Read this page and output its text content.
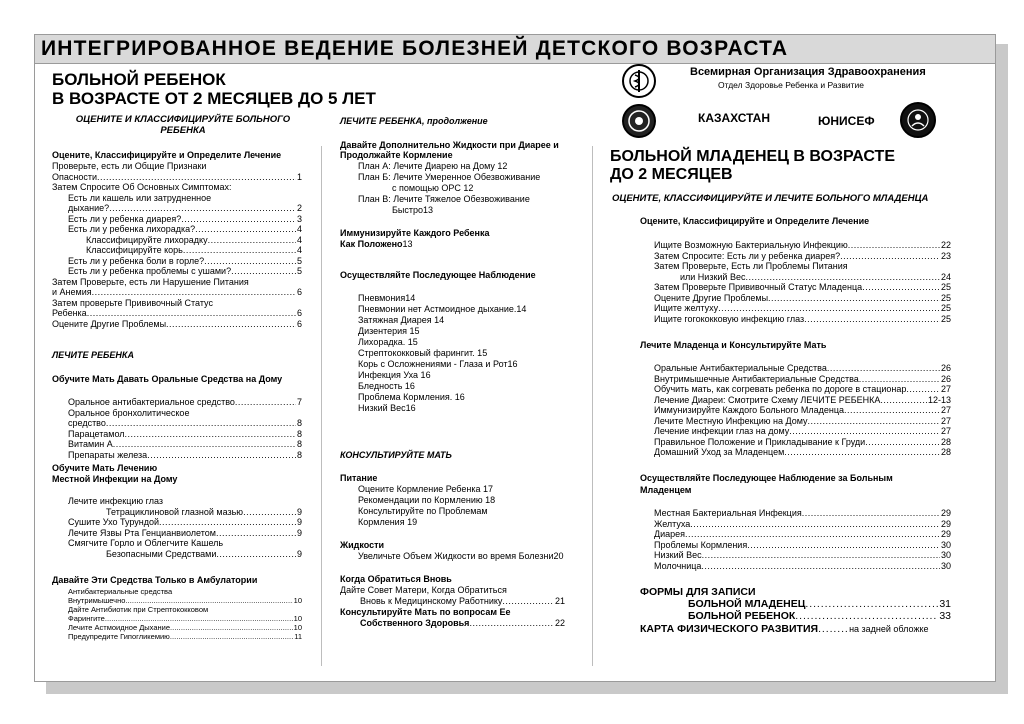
ИНТЕГРИРОВАННОЕ ВЕДЕНИЕ БОЛЕЗНЕЙ ДЕТСКОГО ВОЗРАСТА
БОЛЬНОЙ РЕБЕНОК
В ВОЗРАСТЕ ОТ 2 МЕСЯЦЕВ ДО 5 ЛЕТ
ОЦЕНИТЕ И КЛАССИФИЦИРУЙТЕ БОЛЬНОГО РЕБЕНКА
Оцените, Классифицируйте и Определите Лечение
Проверьте, есть ли Общие Признаки
Опасности . . .	1
Затем Спросите Об Основных Симптомах:
Есть ли кашель или затрудненное
дыхание? . . .	2
Есть ли у ребенка диарея? . . .	3
Есть ли у ребенка лихорадка? . . .	4
Классифицируйте лихорадку . . .	4
Классифицируйте корь . . .	4
Есть ли у ребенка боли в горле? . . .	5
Есть ли у ребенка проблемы с ушами? . . .	5
Затем Проверьте, есть ли Нарушение Питания
и Анемия . . .	6
Затем проверьте Прививочный Статус
Ребенка . . .	6
Оцените Другие Проблемы . . .	6
ЛЕЧИТЕ РЕБЕНКА
Обучите Мать Давать Оральные Средства на Дому
Оральное антибактериальное средство . . .	7
Оральное бронхолитическое
средство . . .	8
Парацетамол . . .	8
Витамин А . . .	8
Препараты железа . . .	8
Обучите Мать Лечению
Местной Инфекции на Дому
Лечите инфекцию глаз
Тетрациклиновой глазной мазью . . .	9
Сушите Ухо Турундой . . .	9
Лечите Язвы Рта Генцианвиолетом . . .	9
Смягчите Горло и Облегчите Кашель
Безопасными Средствами . . .	9
Давайте Эти Средства Только в Амбулатории
Антибактериальные средства
Внутримышечно . . .	10
Дайте Антибиотик при Стрептококковом
Фарингите . . .	10
Лечите Астмоидное Дыхание . . .	10
Предупредите Гипогликемию . . .	11
ЛЕЧИТЕ РЕБЕНКА, продолжение
Давайте Дополнительно Жидкости при Диарее и
Продолжайте Кормление
План А: Лечите Диарею на Дому 12
План Б: Лечите Умеренное Обезвоживание
с помощью ОРС 12
План В: Лечите Тяжелое Обезвоживание
Быстро13
Иммунизируйте Каждого Ребенка
Как Положено13
Осуществляйте Последующее Наблюдение
Пневмония14
Пневмонии нет Астмоидное дыхание.14
Затяжная Диарея 14
Дизентерия 15
Лихорадка. 15
Стрептококковый фарингит. 15
Корь с Осложнениями - Глаза и Рот16
Инфекция Уха 16
Бледность 16
Проблема Кормления. 16
Низкий Вес16
КОНСУЛЬТИРУЙТЕ МАТЬ
Питание
Оцените Кормление Ребенка 17
Рекомендации по Кормлению 18
Консультируйте по Проблемам
Кормления 19
Жидкости
Увеличьте Объем Жидкости во время Болезни20
Когда Обратиться Вновь
Дайте Совет Матери, Когда Обратиться
Вновь к Медицинскому Работнику . . .	21
Консультируйте Мать по вопросам Ее
Собственного Здоровья . . .	22
Всемирная Организация Здравоохранения
Отдел Здоровье Ребенка и Развитие
КАЗАХСТАН	ЮНИСЕФ
БОЛЬНОЙ МЛАДЕНЕЦ В ВОЗРАСТЕ
ДО 2 МЕСЯЦЕВ
ОЦЕНИТЕ, КЛАССИФИЦИРУЙТЕ И ЛЕЧИТЕ БОЛЬНОГО МЛАДЕНЦА
Оцените, Классифицируйте и Определите Лечение
Ищите Возможную Бактериальную Инфекцию . . .	22
Затем Спросите: Есть ли у ребенка диарея? . . .	23
Затем Проверьте, Есть ли Проблемы Питания
или Низкий Вес . . .	24
Затем Проверьте Прививочный Статус Младенца . . .	25
Оцените Другие Проблемы . . .	25
Ищите желтуху . . .	25
Ищите гогококковую инфекцию глаз . . .	25
Лечите Младенца и Консультируйте Мать
Оральные Антибактериальные Средства . . .	26
Внутримышечные Антибактериальные Средства . . .	26
Обучить мать, как согревать ребенка по дороге в стационар . . .	27
Лечение Диареи: Смотрите Схему ЛЕЧИТЕ РЕБЕНКА . . .	12-13
Иммунизируйте Каждого Больного Младенца . . .	27
Лечите Местную Инфекцию на Дому . . .	27
Лечение инфекции глаз на дому . . .	27
Правильное Положение и Прикладывание к Груди . . .	28
Домашний Уход за Младенцем . . .	28
Осуществляйте Последующее Наблюдение за Больным
Младенцем
Местная Бактериальная Инфекция . . .	29
Желтуха . . .	29
Диарея . . .	29
Проблемы Кормления . . .	30
Низкий Вес . . .	30
Молочница . . .	30
ФОРМЫ ДЛЯ ЗАПИСИ
БОЛЬНОЙ МЛАДЕНЕЦ . . .	31
БОЛЬНОЙ РЕБЕНОК . . .	33
КАРТА ФИЗИЧЕСКОГО РАЗВИТИЯ . . .	на задней обложке
